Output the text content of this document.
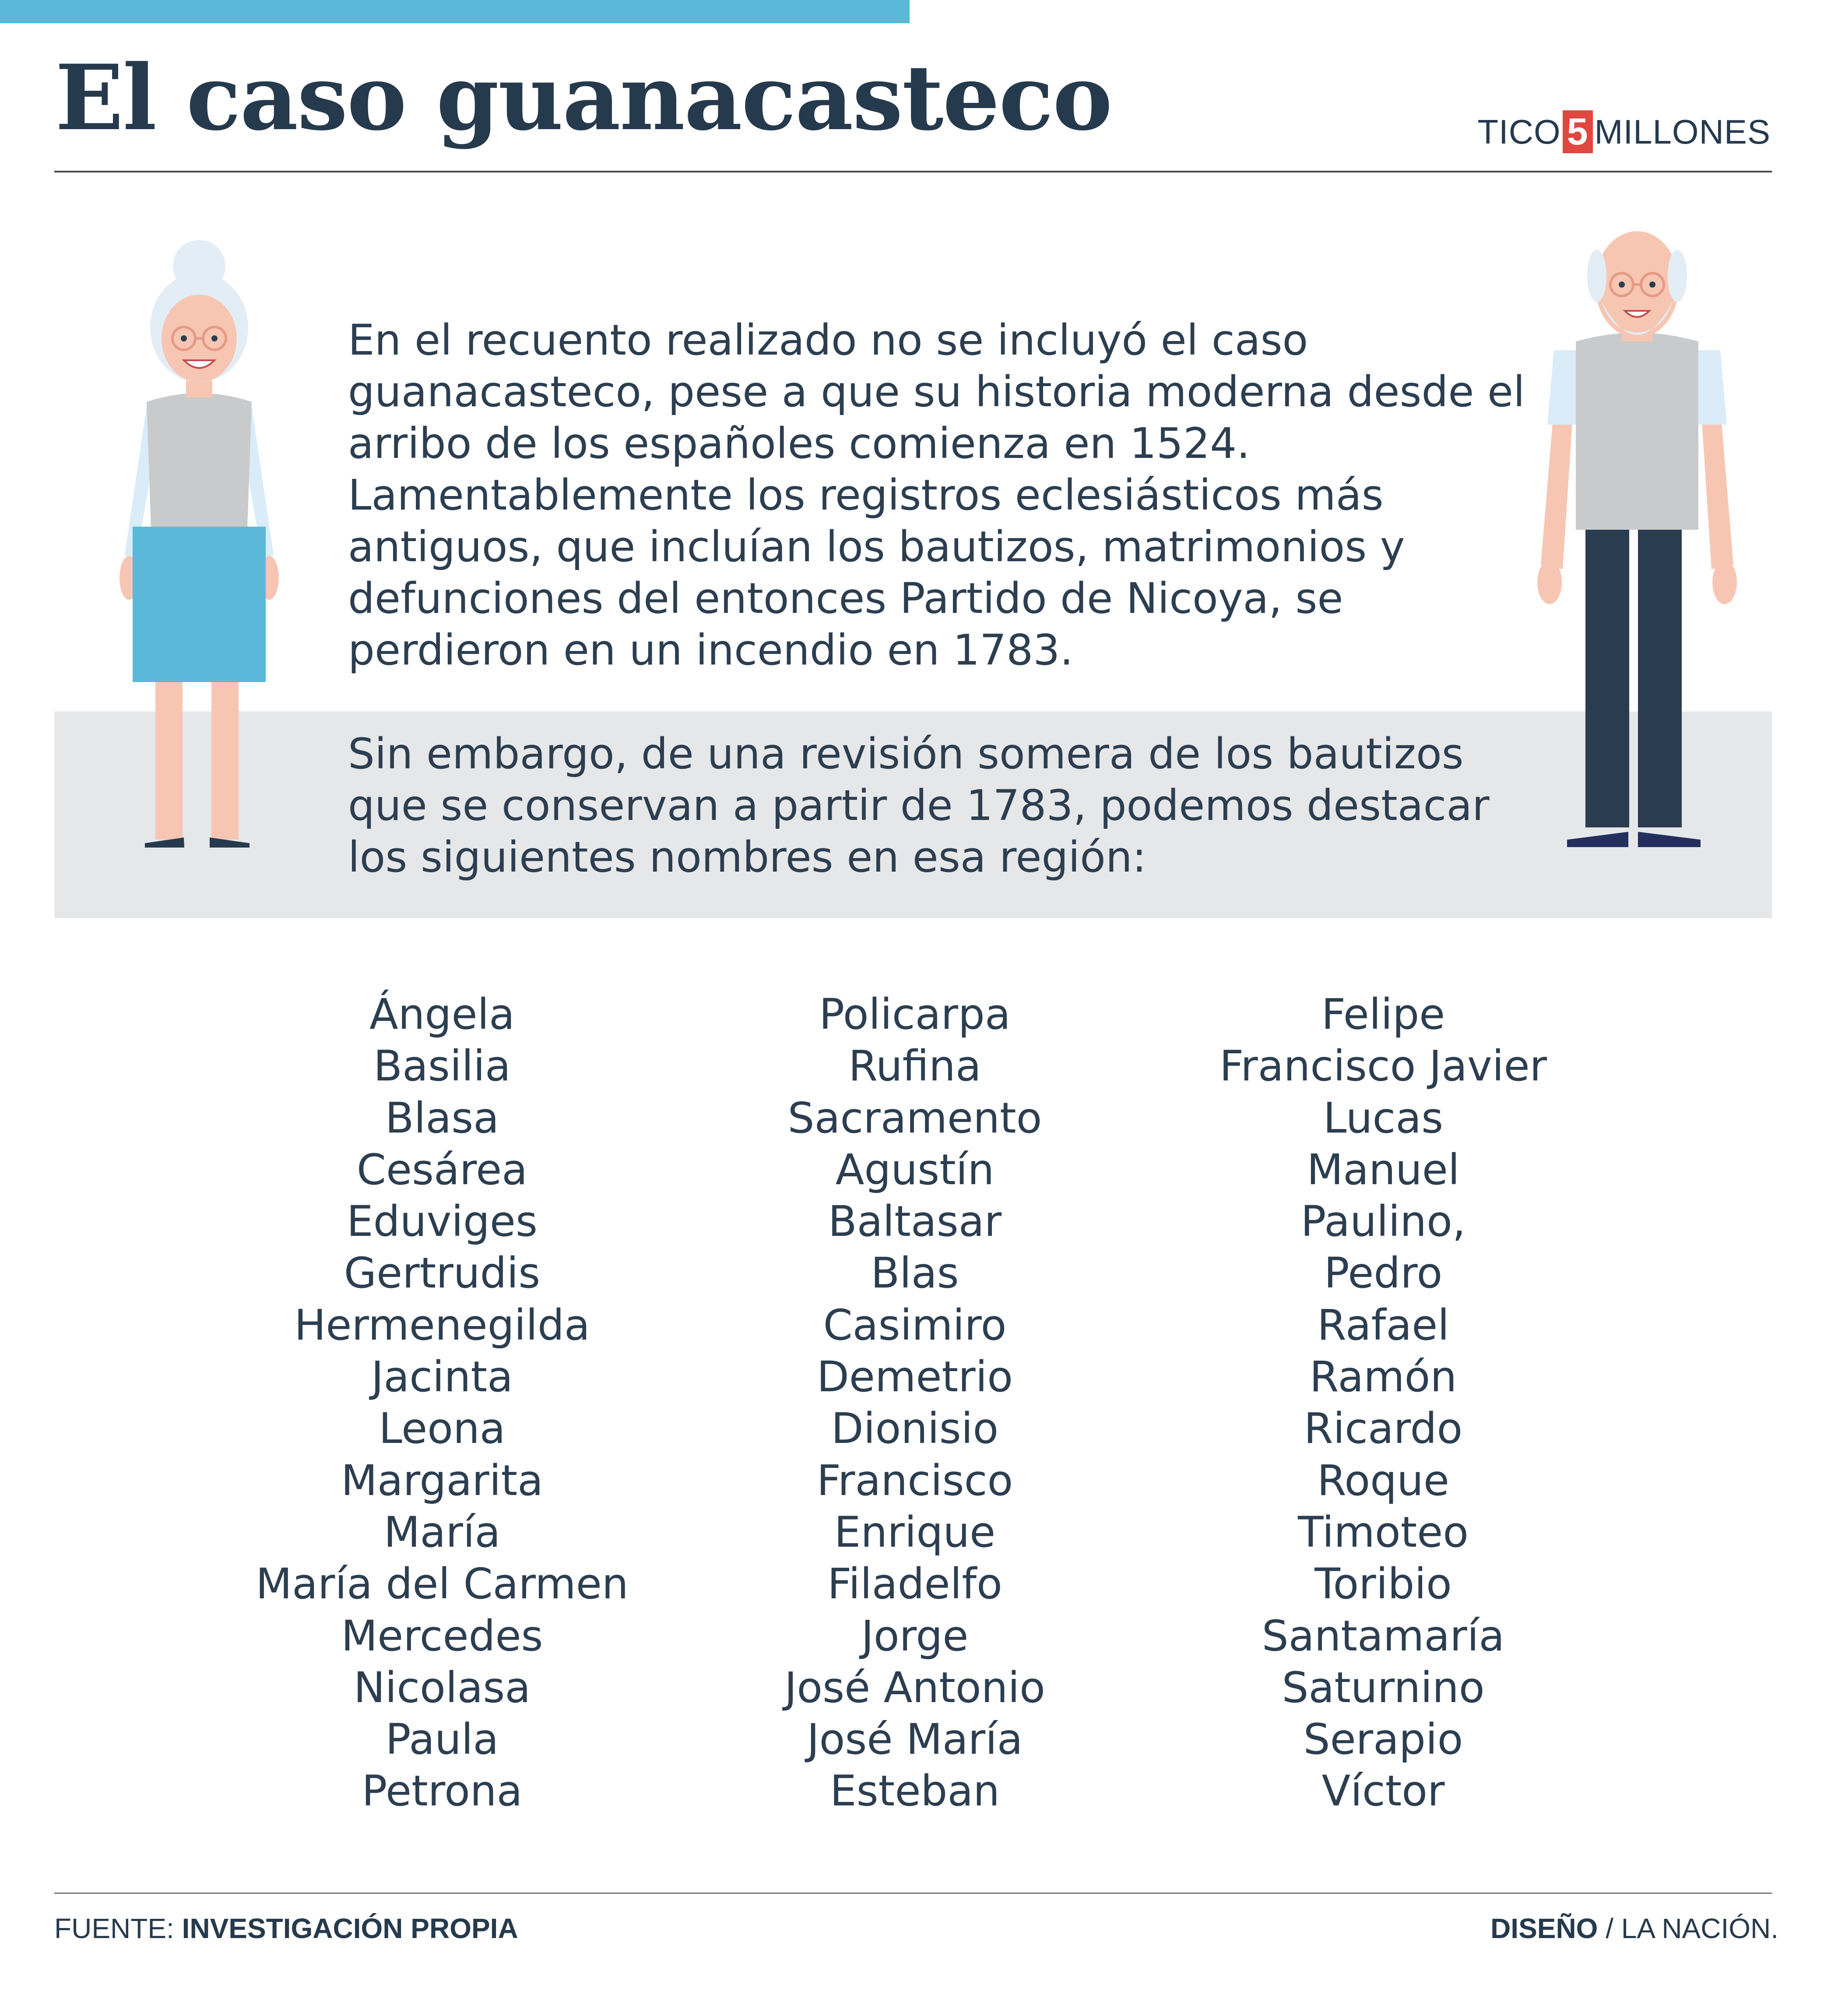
El caso guanacasteco	TICO 5 MILLONES

En el recuento realizado no se incluyó el caso guanacasteco, pese a que su historia moderna desde el arribo de los españoles comienza en 1524. Lamentablemente los registros eclesiásticos más antiguos, que incluían los bautizos, matrimonios y defunciones del entonces Partido de Nicoya, se perdieron en un incendio en 1783.

Sin embargo, de una revisión somera de los bautizos que se conservan a partir de 1783, podemos destacar los siguientes nombres en esa región:

Ángela
Basilia
Blasa
Cesárea
Eduviges
Gertrudis
Hermenegilda
Jacinta
Leona
Margarita
María
María del Carmen
Mercedes
Nicolasa
Paula
Petrona
Policarpa
Rufina
Sacramento
Agustín
Baltasar
Blas
Casimiro
Demetrio
Dionisio
Francisco
Enrique
Filadelfo
Jorge
José Antonio
José María
Esteban
Felipe
Francisco Javier
Lucas
Manuel
Paulino,
Pedro
Rafael
Ramón
Ricardo
Roque
Timoteo
Toribio
Santamaría
Saturnino
Serapio
Víctor
FUENTE: INVESTIGACIÓN PROPIA	DISEÑO / LA NACIÓN.
